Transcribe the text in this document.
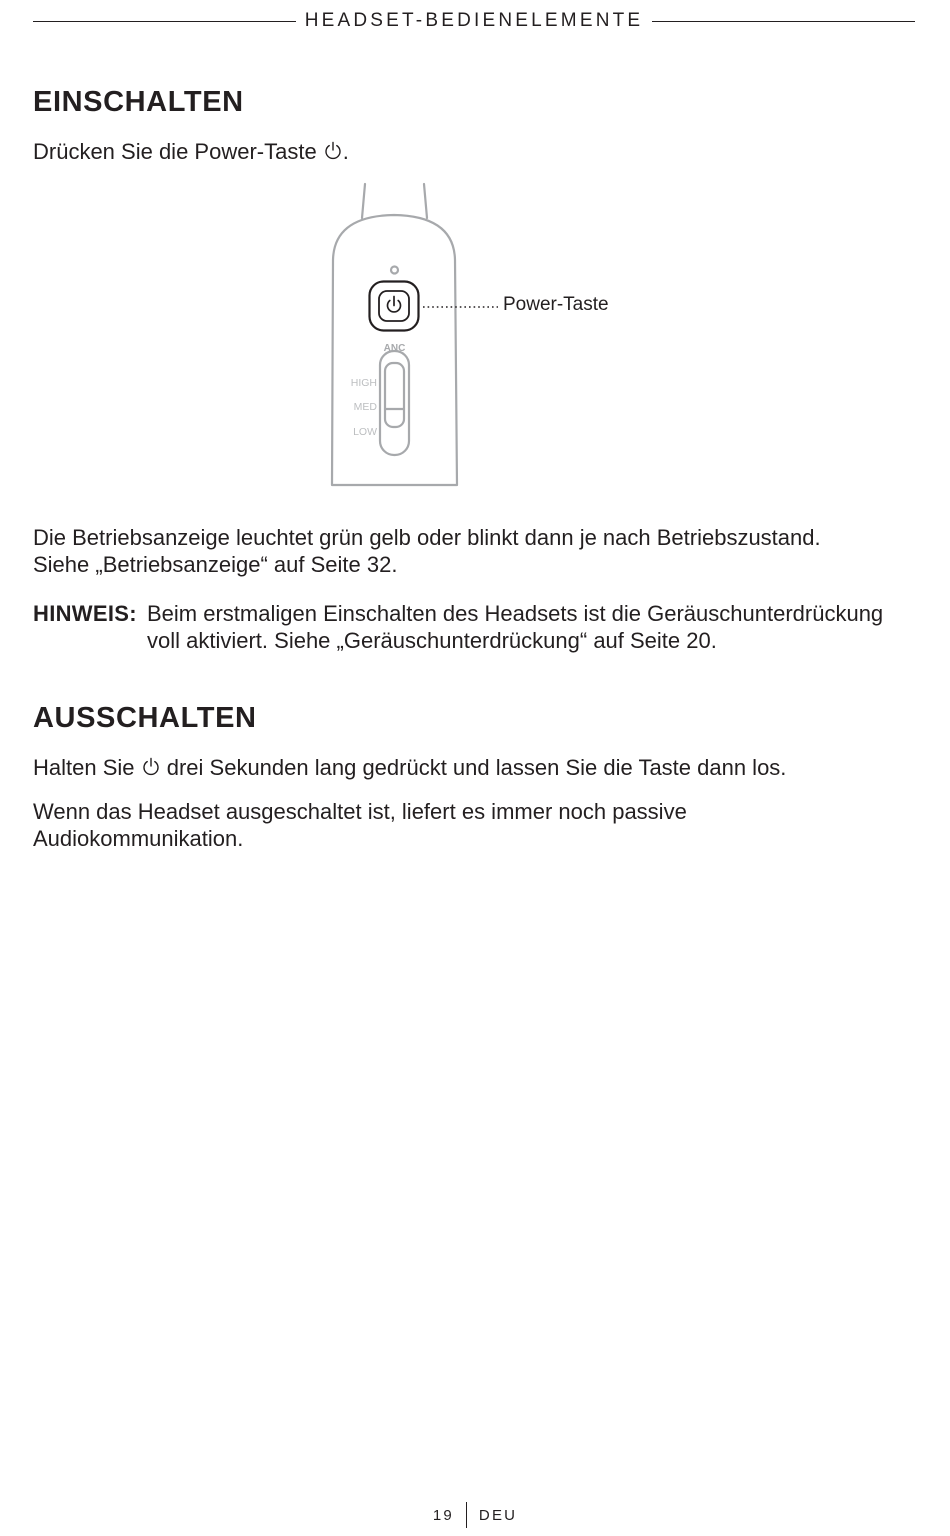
HEADSET-BEDIENELEMENTE
EINSCHALTEN

Drücken Sie die Power-Taste .

ANC
HIGH
MED
LOW
Power-Taste

Die Betriebsanzeige leuchtet grün gelb oder blinkt dann je nach Betriebszustand.
Siehe „Betriebsanzeige“ auf Seite 32.

HINWEIS: Beim erstmaligen Einschalten des Headsets ist die Geräuschunterdrückung
voll aktiviert. Siehe „Geräuschunterdrückung“ auf Seite 20.
AUSSCHALTEN

Halten Sie  drei Sekunden lang gedrückt und lassen Sie die Taste dann los.

Wenn das Headset ausgeschaltet ist, liefert es immer noch passive
Audiokommunikation.

19 DEU
